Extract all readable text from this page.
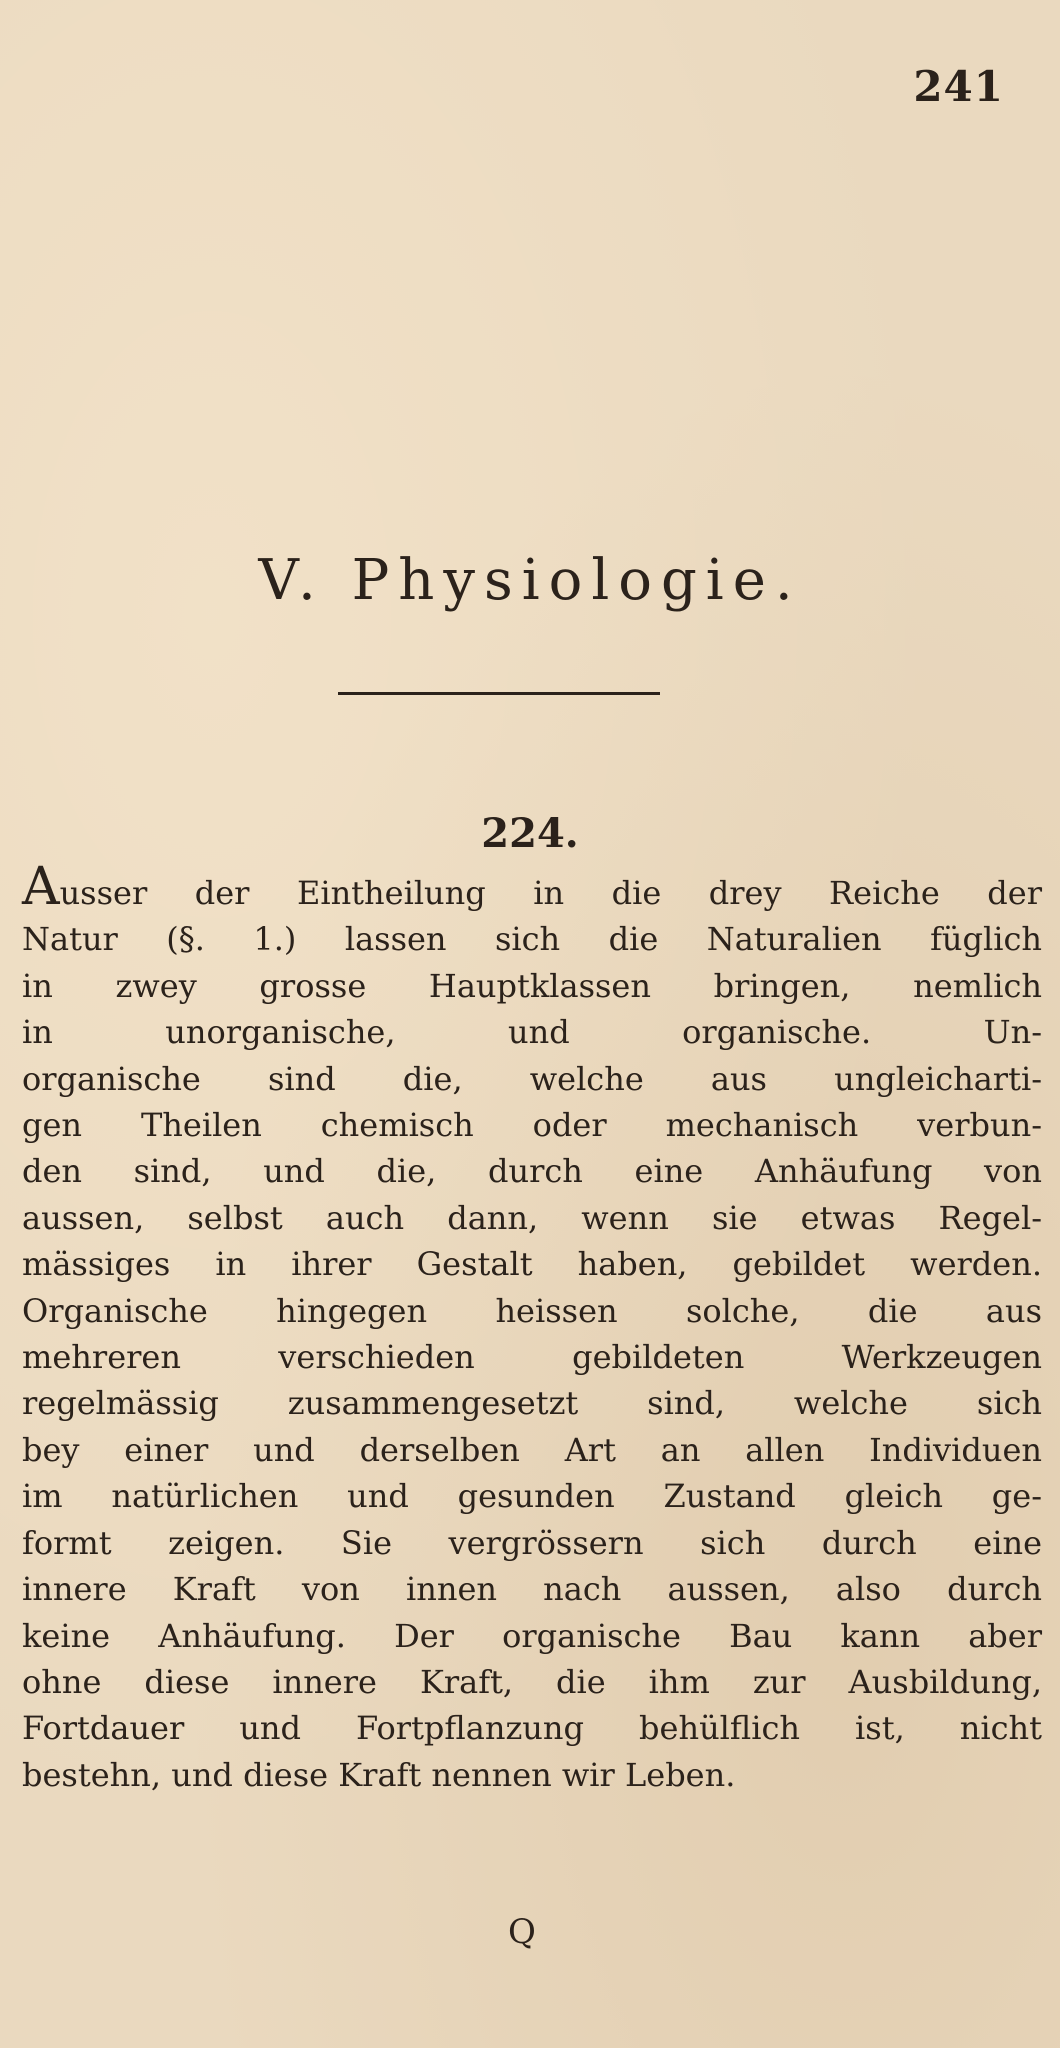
241
V. Physiologie.
224.
Ausser der Eintheilung in die drey Reiche der
Natur (§. 1.) lassen sich die Naturalien füglich
in zwey grosse Hauptklassen bringen, nemlich
in unorganische, und organische. Un-
organische sind die, welche aus ungleicharti-
gen Theilen chemisch oder mechanisch verbun-
den sind, und die, durch eine Anhäufung von
aussen, selbst auch dann, wenn sie etwas Regel-
mässiges in ihrer Gestalt haben, gebildet werden.
Organische hingegen heissen solche, die aus
mehreren verschieden gebildeten Werkzeugen
regelmässig zusammengesetzt sind, welche sich
bey einer und derselben Art an allen Individuen
im natürlichen und gesunden Zustand gleich ge-
formt zeigen. Sie vergrössern sich durch eine
innere Kraft von innen nach aussen, also durch
keine Anhäufung. Der organische Bau kann aber
ohne diese innere Kraft, die ihm zur Ausbildung,
Fortdauer und Fortpflanzung behülflich ist, nicht
bestehn, und diese Kraft nennen wir Leben.
Q
